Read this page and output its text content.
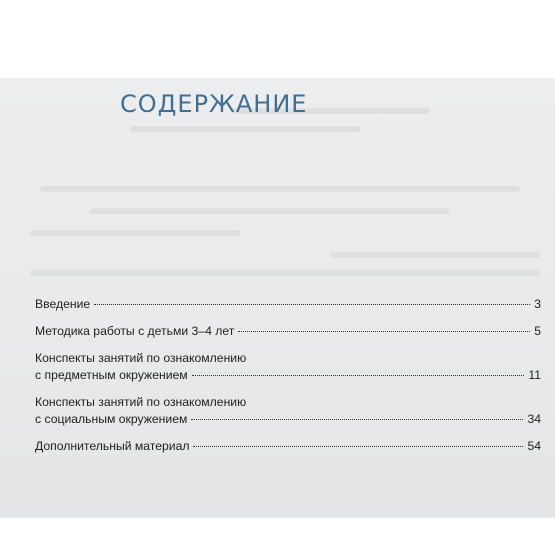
СОДЕРЖАНИЕ
Введение	3
Методика работы с детьми 3–4 лет	5
Конспекты занятий по ознакомлению
с предметным окружением	11
Конспекты занятий по ознакомлению
с социальным окружением	34
Дополнительный материал	54
